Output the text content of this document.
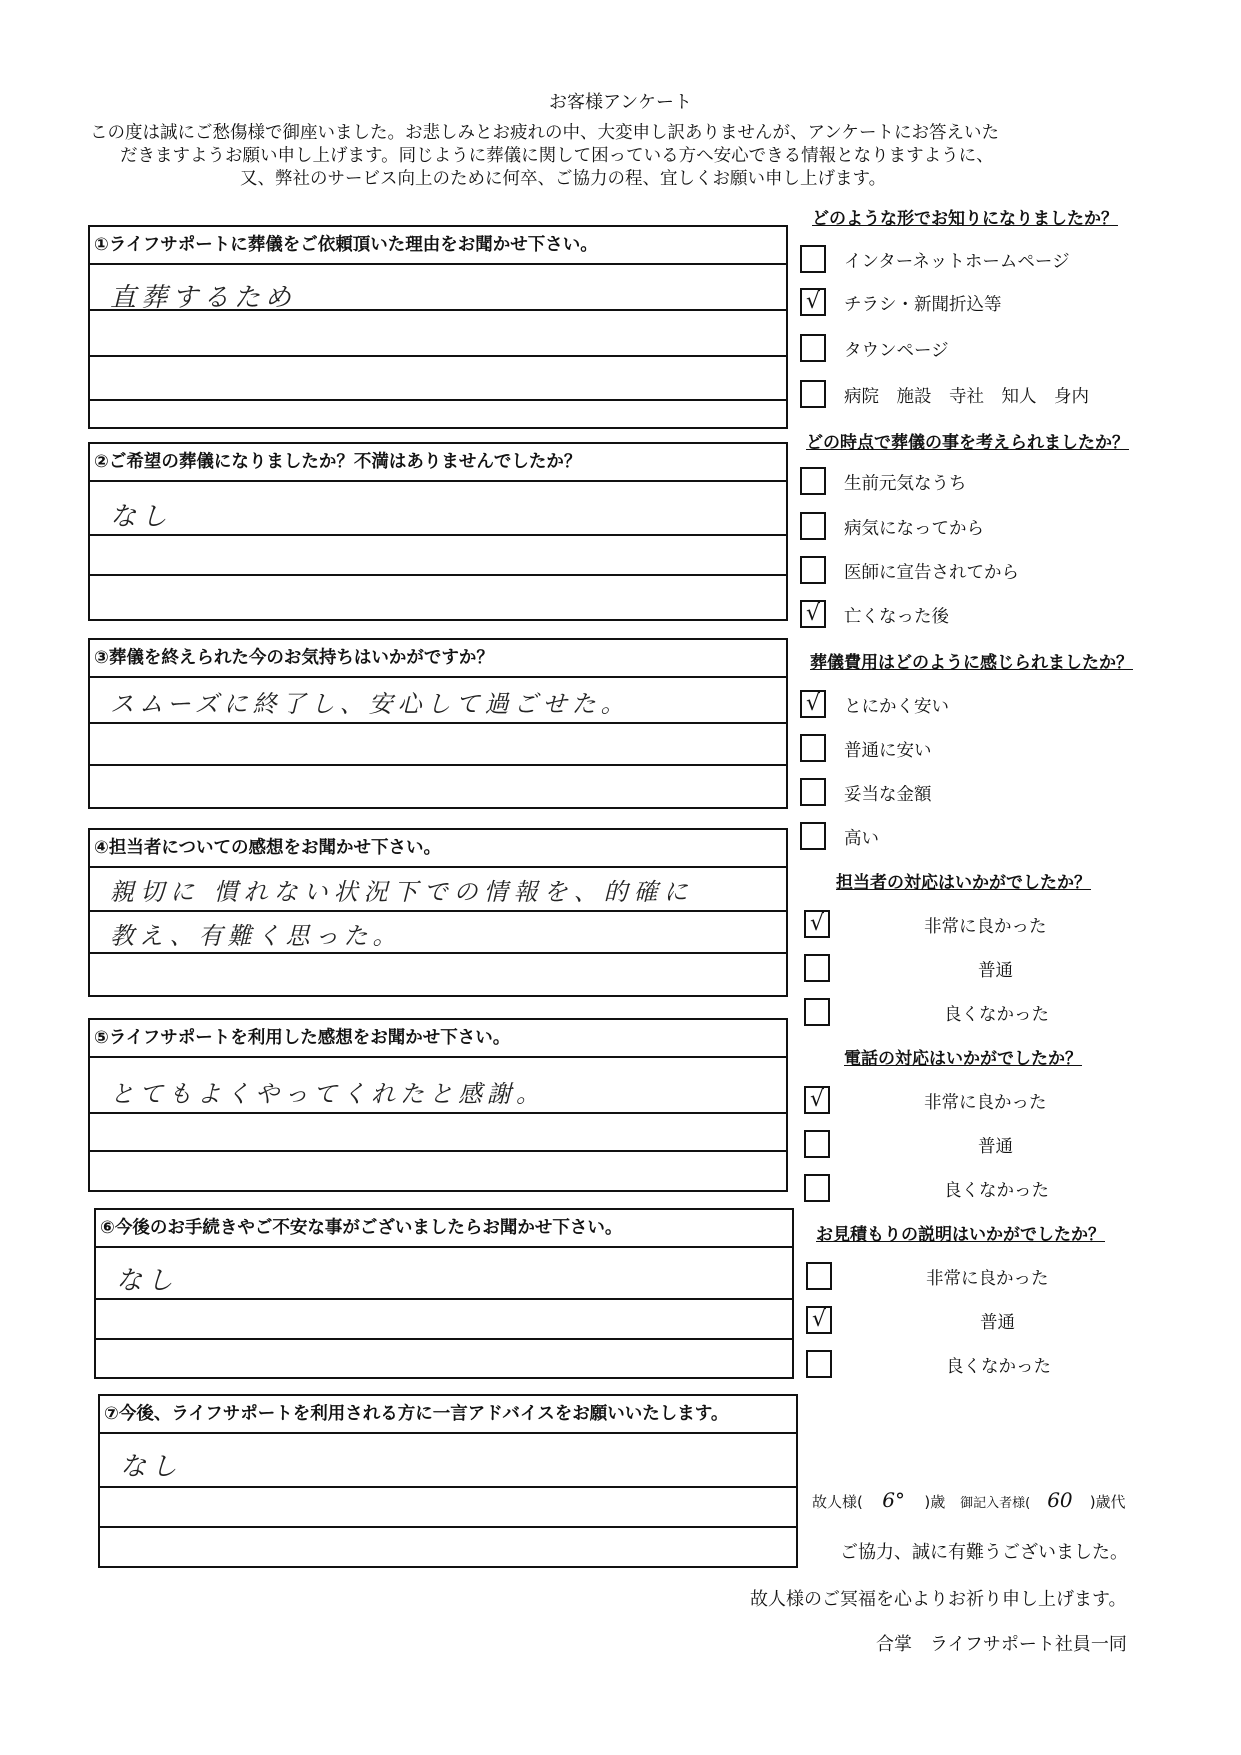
お客様アンケート
この度は誠にご愁傷様で御座いました。お悲しみとお疲れの中、大変申し訳ありませんが、アンケートにお答えいた
だきますようお願い申し上げます。同じように葬儀に関して困っている方へ安心できる情報となりますように、
又、弊社のサービス向上のために何卒、ご協力の程、宜しくお願い申し上げます。
①ライフサポートに葬儀をご依頼頂いた理由をお聞かせ下さい。
直葬するため
②ご希望の葬儀になりましたか？不満はありませんでしたか？
なし
③葬儀を終えられた今のお気持ちはいかがですか？
スムーズに終了し、安心して過ごせた。
④担当者についての感想をお聞かせ下さい。
親切に 慣れない状況下での情報を、的確に
教え、有難く思った。
⑤ライフサポートを利用した感想をお聞かせ下さい。
とてもよくやってくれたと感謝。
⑥今後のお手続きやご不安な事がございましたらお聞かせ下さい。
なし
⑦今後、ライフサポートを利用される方に一言アドバイスをお願いいたします。
なし
どのような形でお知りになりましたか？
インターネットホームページ
√	チラシ・新聞折込等
タウンページ
病院　施設　寺社　知人　身内
どの時点で葬儀の事を考えられましたか？
生前元気なうち
病気になってから
医師に宣告されてから
√	亡くなった後
葬儀費用はどのように感じられましたか？
√	とにかく安い
普通に安い
妥当な金額
高い
担当者の対応はいかがでしたか？
√	非常に良かった
普通
良くなかった
電話の対応はいかがでしたか？
√	非常に良かった
普通
良くなかった
お見積もりの説明はいかがでしたか？
非常に良かった
√	普通
良くなかった
故人様( 6° )歳 御記入者様( 60 )歳代
ご協力、誠に有難うございました。
故人様のご冥福を心よりお祈り申し上げます。
合掌　ライフサポート社員一同
